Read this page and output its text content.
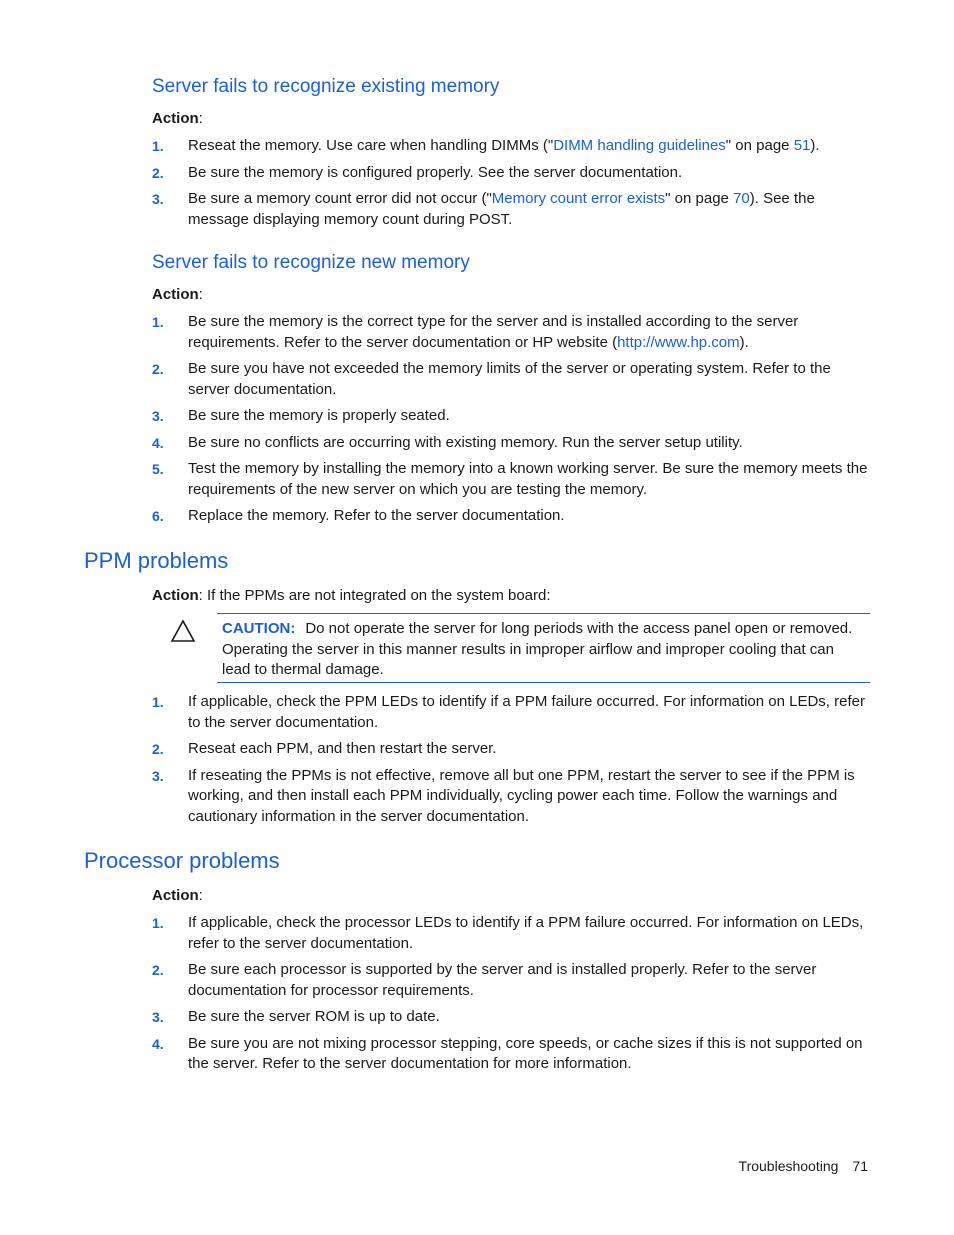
Server fails to recognize existing memory
Action:
1. Reseat the memory. Use care when handling DIMMs ("DIMM handling guidelines" on page 51).
2. Be sure the memory is configured properly. See the server documentation.
3. Be sure a memory count error did not occur ("Memory count error exists" on page 70). See the message displaying memory count during POST.
Server fails to recognize new memory
Action:
1. Be sure the memory is the correct type for the server and is installed according to the server requirements. Refer to the server documentation or HP website (http://www.hp.com).
2. Be sure you have not exceeded the memory limits of the server or operating system. Refer to the server documentation.
3. Be sure the memory is properly seated.
4. Be sure no conflicts are occurring with existing memory. Run the server setup utility.
5. Test the memory by installing the memory into a known working server. Be sure the memory meets the requirements of the new server on which you are testing the memory.
6. Replace the memory. Refer to the server documentation.
PPM problems
Action: If the PPMs are not integrated on the system board:
CAUTION: Do not operate the server for long periods with the access panel open or removed. Operating the server in this manner results in improper airflow and improper cooling that can lead to thermal damage.
1. If applicable, check the PPM LEDs to identify if a PPM failure occurred. For information on LEDs, refer to the server documentation.
2. Reseat each PPM, and then restart the server.
3. If reseating the PPMs is not effective, remove all but one PPM, restart the server to see if the PPM is working, and then install each PPM individually, cycling power each time. Follow the warnings and cautionary information in the server documentation.
Processor problems
Action:
1. If applicable, check the processor LEDs to identify if a PPM failure occurred. For information on LEDs, refer to the server documentation.
2. Be sure each processor is supported by the server and is installed properly. Refer to the server documentation for processor requirements.
3. Be sure the server ROM is up to date.
4. Be sure you are not mixing processor stepping, core speeds, or cache sizes if this is not supported on the server. Refer to the server documentation for more information.
Troubleshooting 71
